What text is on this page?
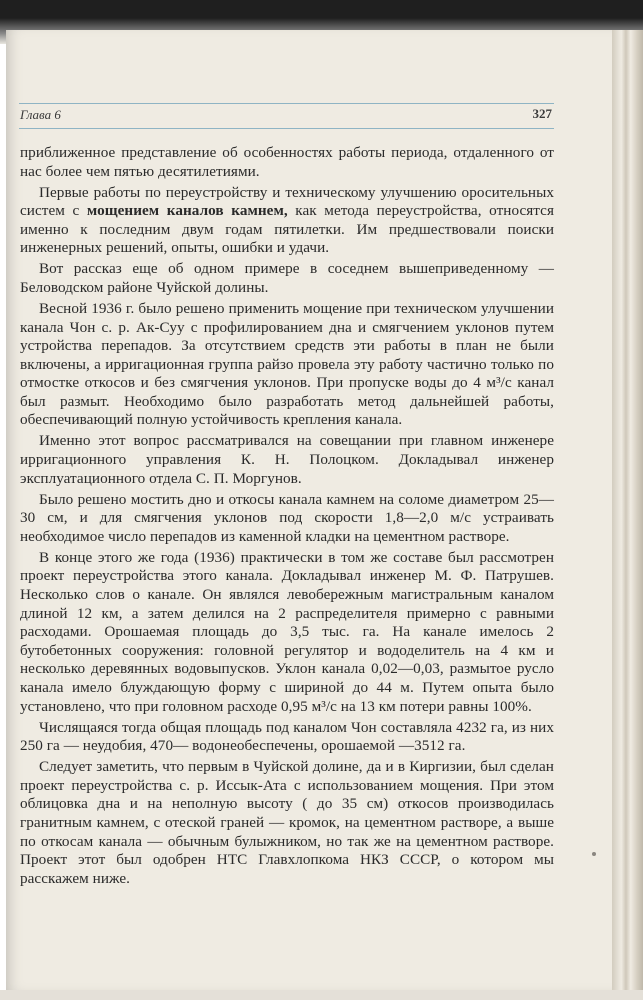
Глава 6	327

приближенное представление об особенностях работы периода, отдаленного от нас более чем пятью десятилетиями.

Первые работы по переустройству и техническому улучшению оросительных систем с мощением каналов камнем, как метода переустройства, относятся именно к последним двум годам пятилетки. Им предшествовали поиски инженерных решений, опыты, ошибки и удачи.

Вот рассказ еще об одном примере в соседнем вышеприведенному — Беловодском районе Чуйской долины.

Весной 1936 г. было решено применить мощение при техническом улучшении канала Чон с. р. Ак-Суу с профилированием дна и смягчением уклонов путем устройства перепадов. За отсутствием средств эти работы в план не были включены, а ирригационная группа райзо провела эту работу частично только по отмостке откосов и без смягчения уклонов. При пропуске воды до 4 м³/с канал был размыт. Необходимо было разработать метод дальнейшей работы, обеспечивающий полную устойчивость крепления канала.

Именно этот вопрос рассматривался на совещании при главном инженере ирригационного управления К. Н. Полоцком. Докладывал инженер эксплуатационного отдела С. П. Моргунов.

Было решено мостить дно и откосы канала камнем на соломе диаметром 25—30 см, и для смягчения уклонов под скорости 1,8—2,0 м/с устраивать необходимое число перепадов из каменной кладки на цементном растворе.

В конце этого же года (1936) практически в том же составе был рассмотрен проект переустройства этого канала. Докладывал инженер М. Ф. Патрушев. Несколько слов о канале. Он являлся левобережным магистральным каналом длиной 12 км, а затем делился на 2 распределителя примерно с равными расходами. Орошаемая площадь до 3,5 тыс. га. На канале имелось 2 бутобетонных сооружения: головной регулятор и вододелитель на 4 км и несколько деревянных водовыпусков. Уклон канала 0,02—0,03, размытое русло канала имело блуждающую форму с шириной до 44 м. Путем опыта было установлено, что при головном расходе 0,95 м³/с на 13 км потери равны 100%.

Числящаяся тогда общая площадь под каналом Чон составляла 4232 га, из них 250 га — неудобия, 470— водонеобеспечены, орошаемой —3512 га.

Следует заметить, что первым в Чуйской долине, да и в Киргизии, был сделан проект переустройства с. р. Иссык-Ата с использованием мощения. При этом облицовка дна и на неполную высоту ( до 35 см) откосов производилась гранитным камнем, с отеской граней — кромок, на цементном растворе, а выше по откосам канала — обычным булыжником, но так же на цементном растворе. Проект этот был одобрен НТС Главхлопкома НКЗ СССР, о котором мы расскажем ниже.
